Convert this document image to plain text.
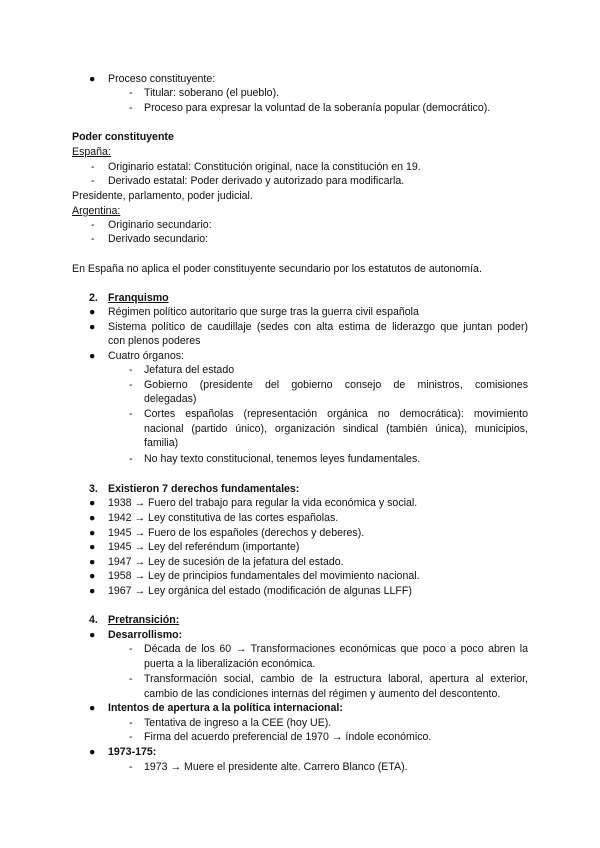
●	Proceso constituyente:
-	Titular: soberano (el pueblo).
-	Proceso para expresar la voluntad de la soberanía popular (democrático).
Poder constituyente
España:
-	Originario estatal: Constitución original, nace la constitución en 19.
-	Derivado estatal: Poder derivado y autorizado para modificarla.
Presidente, parlamento, poder judicial.
Argentina:
-	Originario secundario:
-	Derivado secundario:
En España no aplica el poder constituyente secundario por los estatutos de autonomía.
2. Franquismo
●	Régimen político autoritario que surge tras la guerra civil española
●	Sistema político de caudillaje (sedes con alta estima de liderazgo que juntan poder)
con plenos poderes
●	Cuatro órganos:
-	Jefatura del estado
-	Gobierno (presidente del gobierno consejo de ministros, comisiones
delegadas)
-	Cortes españolas (representación orgánica no democrática): movimiento
nacional (partido único), organización sindical (también única), municipios,
familia)
-	No hay texto constitucional, tenemos leyes fundamentales.
3. Existieron 7 derechos fundamentales:
●	1938 → Fuero del trabajo para regular la vida económica y social.
●	1942 → Ley constitutiva de las cortes españolas.
●	1945 → Fuero de los españoles (derechos y deberes).
●	1945 → Ley del referéndum (importante)
●	1947 → Ley de sucesión de la jefatura del estado.
●	1958 → Ley de principios fundamentales del movimiento nacional.
●	1967 → Ley orgánica del estado (modificación de algunas LLFF)
4. Pretransición:
●	Desarrollismo:
-	Década de los 60 → Transformaciones económicas que poco a poco abren la
puerta a la liberalización económica.
-	Transformación social, cambio de la estructura laboral, apertura al exterior,
cambio de las condiciones internas del régimen y aumento del descontento.
●	Intentos de apertura a la política internacional:
-	Tentativa de ingreso a la CEE (hoy UE).
-	Firma del acuerdo preferencial de 1970 → índole económico.
●	1973-175:
-	1973 → Muere el presidente alte. Carrero Blanco (ETA).
